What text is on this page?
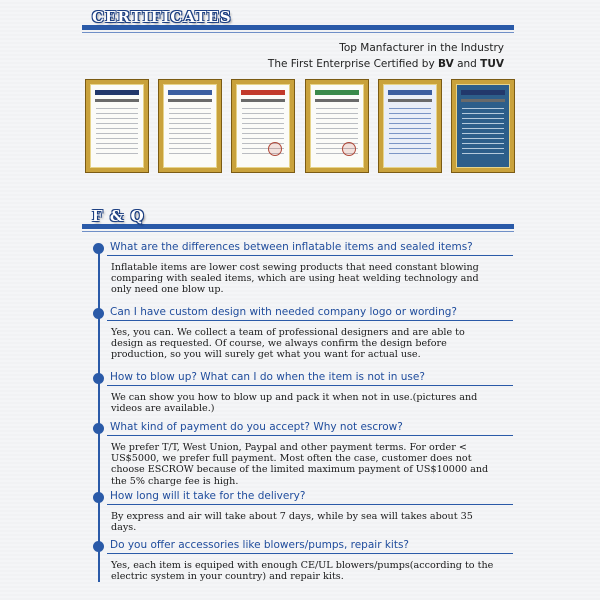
CERTIFICATES
Top Manfacturer in the Industry
The First Enterprise Certified by BV and TUV
F & Q
What are the differences between inflatable items and sealed items?
Inflatable items are lower cost sewing products that need constant blowing comparing with sealed items, which are using heat welding technology and only need one blow up.
Can I have custom design with needed company logo or wording?
Yes, you can. We collect a team of professional designers and are able to design as requested. Of course, we always confirm the design before production, so you will surely get what you want for actual use.
How to blow up? What can I do when the item is not in use?
We can show you how to blow up and pack it when not in use.(pictures and videos are available.)
What kind of payment do you accept? Why not escrow?
We prefer T/T, West Union, Paypal and other payment terms. For order < US$5000, we prefer full payment. Most often the case, customer does not choose ESCROW because of the limited maximum payment of US$10000 and the 5% charge fee is high.
How long will it take for the delivery?
By express and air will take about 7 days, while by sea will takes about 35 days.
Do you offer accessories like blowers/pumps, repair kits?
Yes, each item is equiped with enough CE/UL blowers/pumps(according to the electric system in your country) and repair kits.
